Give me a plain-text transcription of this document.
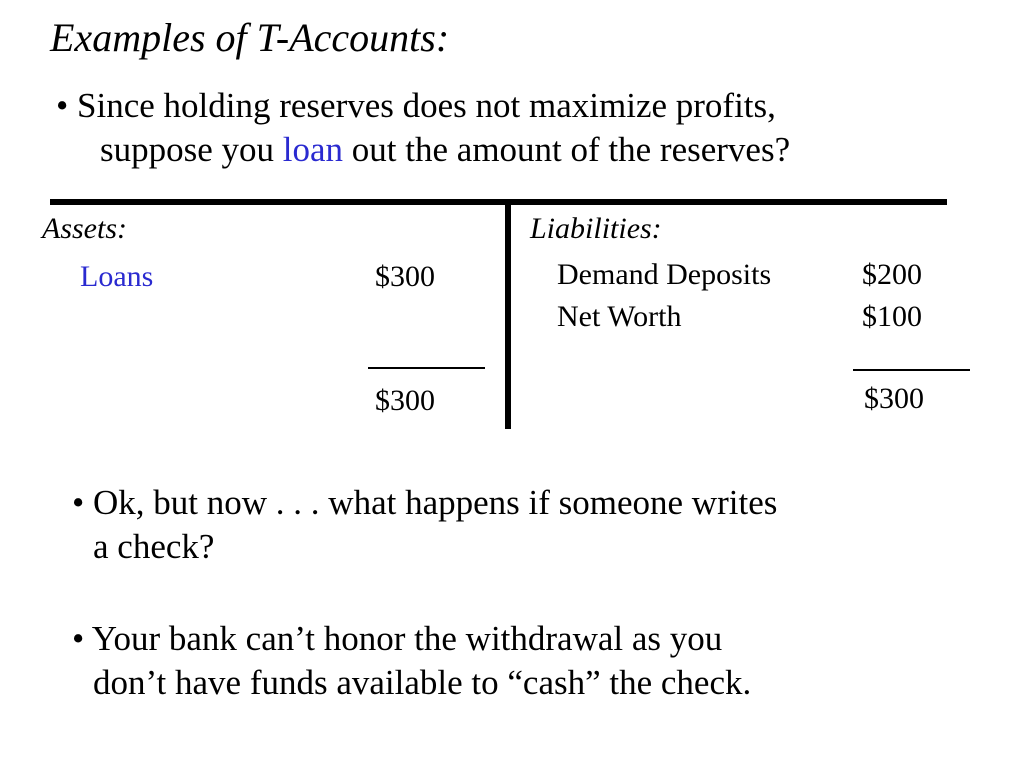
Examples of T-Accounts:
• Since holding reserves does not maximize profits,
suppose you loan out the amount of the reserves?
Assets:
Loans	$300
$300
Liabilities:
Demand Deposits	$200
Net Worth	$100
$300
• Ok, but now . . . what happens if someone writes
a check?
• Your bank can’t honor the withdrawal as you
don’t have funds available to “cash” the check.
